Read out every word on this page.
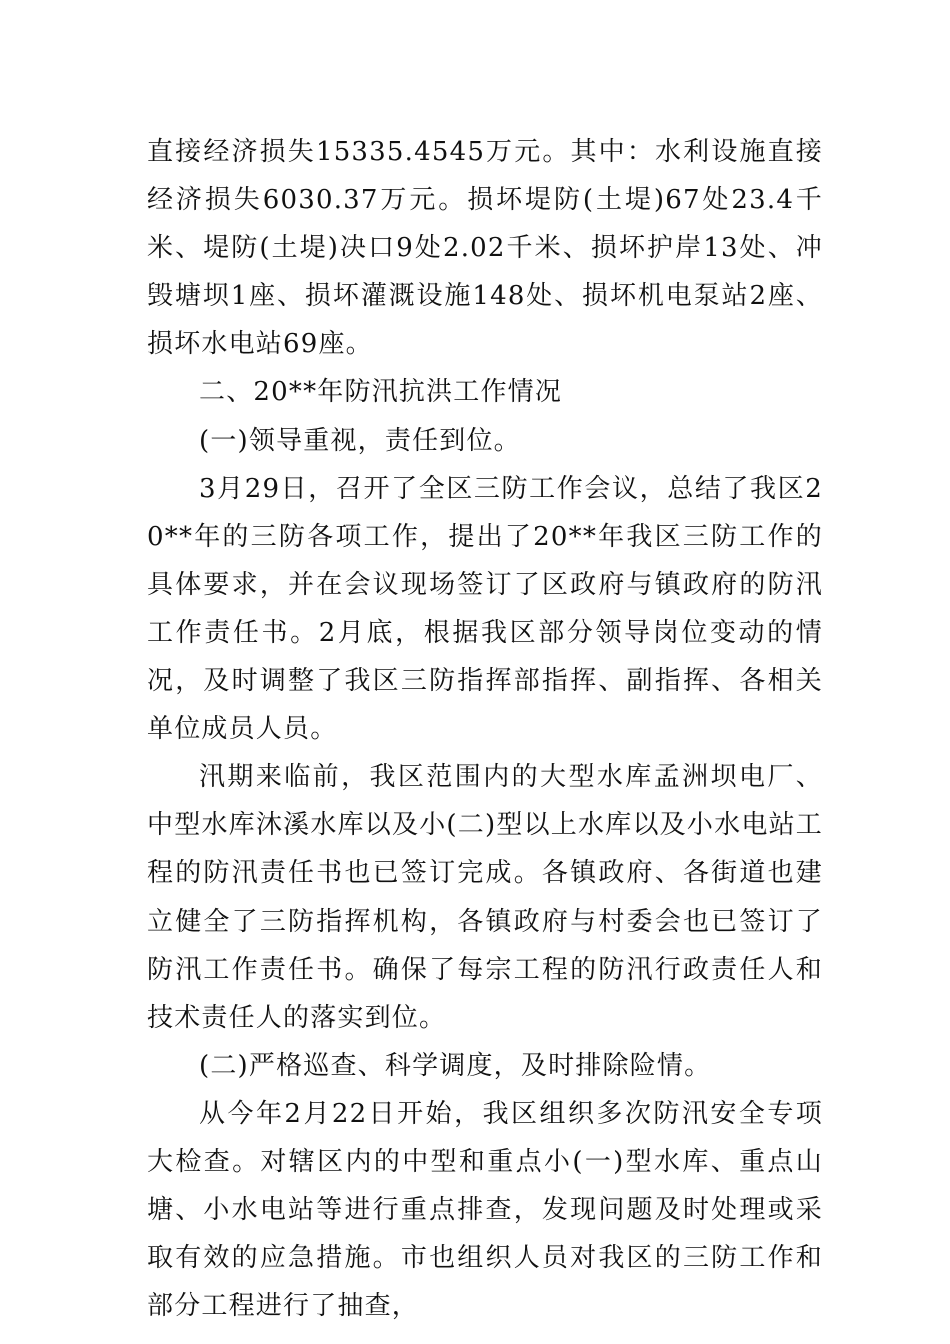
直接经济损失15335.4545万元。其中：水利设施直接经济损失6030.37万元。损坏堤防(土堤)67处23.4千米、堤防(土堤)决口9处2.02千米、损坏护岸13处、冲毁塘坝1座、损坏灌溉设施148处、损坏机电泵站2座、损坏水电站69座。

二、20**年防汛抗洪工作情况

(一)领导重视，责任到位。

3月29日，召开了全区三防工作会议，总结了我区20**年的三防各项工作，提出了20**年我区三防工作的具体要求，并在会议现场签订了区政府与镇政府的防汛工作责任书。2月底，根据我区部分领导岗位变动的情况，及时调整了我区三防指挥部指挥、副指挥、各相关单位成员人员。

汛期来临前，我区范围内的大型水库孟洲坝电厂、中型水库沐溪水库以及小(二)型以上水库以及小水电站工程的防汛责任书也已签订完成。各镇政府、各街道也建立健全了三防指挥机构，各镇政府与村委会也已签订了防汛工作责任书。确保了每宗工程的防汛行政责任人和技术责任人的落实到位。

(二)严格巡查、科学调度，及时排除险情。

从今年2月22日开始，我区组织多次防汛安全专项大检查。对辖区内的中型和重点小(一)型水库、重点山塘、小水电站等进行重点排查，发现问题及时处理或采取有效的应急措施。市也组织人员对我区的三防工作和部分工程进行了抽查，
